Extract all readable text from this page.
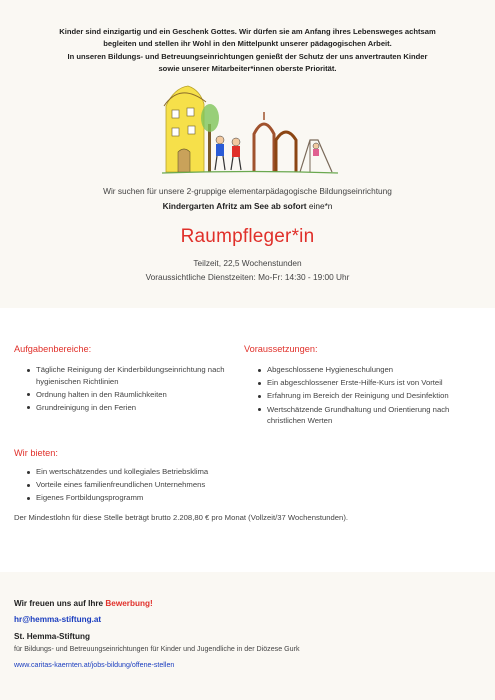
Kinder sind einzigartig und ein Geschenk Gottes. Wir dürfen sie am Anfang ihres Lebensweges achtsam

begleiten und stellen ihr Wohl in den Mittelpunkt unserer pädagogischen Arbeit.

In unseren Bildungs- und Betreuungseinrichtungen genießt der Schutz der uns anvertrauten Kinder

sowie unserer Mitarbeiter*innen oberste Priorität.

Wir suchen für unsere 2-gruppige elementarpädagogische Bildungseinrichtung
Kindergarten Afritz am See ab sofort eine*n
Raumpfleger*in
Teilzeit, 22,5 Wochenstunden
Voraussichtliche Dienstzeiten: Mo-Fr: 14:30 - 19:00 Uhr
Aufgabenbereiche:
Tägliche Reinigung der Kinderbildungseinrichtung nach hygienischen Richtlinien
Ordnung halten in den Räumlichkeiten
Grundreinigung in den Ferien
Voraussetzungen:
Abgeschlossene Hygieneschulungen
Ein abgeschlossener Erste-Hilfe-Kurs ist von Vorteil
Erfahrung im Bereich der Reinigung und Desinfektion
Wertschätzende Grundhaltung und Orientierung nach christlichen Werten
Wir bieten:
Ein wertschätzendes und kollegiales Betriebsklima
Vorteile eines familienfreundlichen Unternehmens
Eigenes Fortbildungsprogramm
Der Mindestlohn für diese Stelle beträgt brutto 2.208,80 € pro Monat (Vollzeit/37 Wochenstunden).
Wir freuen uns auf Ihre Bewerbung!
hr@hemma-stiftung.at
St. Hemma-Stiftung
für Bildungs- und Betreuungseinrichtungen für Kinder und Jugendliche in der Diözese Gurk
www.caritas-kaernten.at/jobs-bildung/offene-stellen
